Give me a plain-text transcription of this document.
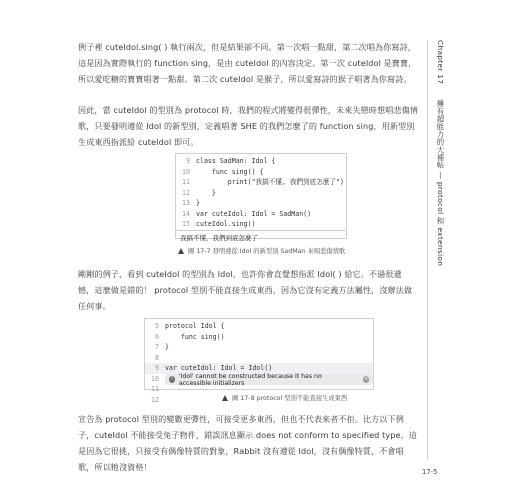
例子裡 cuteIdol.sing( ) 執行兩次，但是結果卻不同。第一次唱一點甜，第二次唱為你寫詩，這是因為實際執行的 function sing，是由 cuteIdol 的內容決定。第一次 cuteIdol 是寶寶，所以愛吃糖的寶寶唱著一點甜。第二次 cuteIdol 是猴子，所以愛寫詩的猴子唱著為你寫詩。

因此，當 cuteIdol 的型別為 protocol 時，我們的程式將變得很彈性，未來失戀時想唱悲傷情歌，只要發明遵從 Idol 的新型別，定義唱著 SHE 的我們怎麼了的 function sing，用新型別生成東西指派給 cuteIdol 即可。

9 class SadMan: Idol {
10    func sing() {
11        print("我搞不懂, 我們到底怎麼了")
12    }
13 }
14 var cuteIdol: Idol = SadMan()
15 cuteIdol.sing()
我搞不懂，我們到底怎麼了
圖 17-7 發明遵從 Idol 的新型別 SadMan 來唱悲傷情歌

剛剛的例子，看到 cuteIdol 的型別為 Idol，也許你會直覺想指派 Idol( ) 給它。不過很遺憾，這麼做是錯的！ protocol 型別不能直接生成東西，因為它沒有定義方法屬性，沒辦法做任何事。

5 protocol Idol {
6    func sing()
7 }
8
9 var cuteIdol: Idol = Idol()
10
11
12
! 'Idol' cannot be constructed because it has no accessible initializers
×
圖 17-8 protocol 型別不能直接生成東西

宣告為 protocol 型別的變數更彈性，可接受更多東西，但也不代表來者不拒。比方以下例子，cuteIdol 不能接受兔子物件，錯誤訊息顯示 does not conform to specified type。這是因為它很挑，只接受有偶像特質的對象，Rabbit 沒有遵從 Idol，沒有偶像特質，不會唱歌，所以牠沒資格！

Chapter 17  擁有超能力的大補帖 — protocol 和 extension
17-5
